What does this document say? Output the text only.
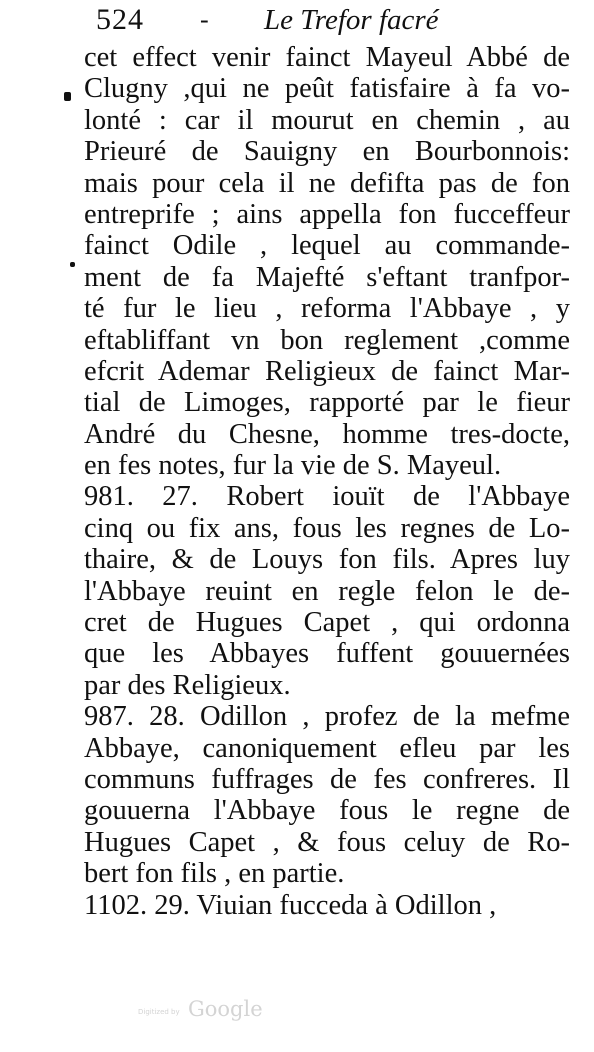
524 - Le Trefor facré
cet effect venir fainct Mayeul Abbé de
Clugny ,qui ne peût fatisfaire à fa vo-
lonté : car il mourut en chemin , au
Prieuré de Sauigny en Bourbonnois:
mais pour cela il ne defifta pas de fon
entreprife ; ains appella fon fucceffeur
fainct Odile , lequel au commande-
ment de fa Majefté s'eftant tranfpor-
té fur le lieu , reforma l'Abbaye , y
eftabliffant vn bon reglement ,comme
efcrit Ademar Religieux de fainct Mar-
tial de Limoges, rapporté par le fieur
André du Chesne, homme tres-docte,
en fes notes, fur la vie de S. Mayeul.
981. 27. Robert iouït de l'Abbaye
cinq ou fix ans, fous les regnes de Lo-
thaire, & de Louys fon fils. Apres luy
l'Abbaye reuint en regle felon le de-
cret de Hugues Capet , qui ordonna
que les Abbayes fuffent gouuernées
par des Religieux.
987. 28. Odillon , profez de la mefme
Abbaye, canoniquement efleu par les
communs fuffrages de fes confreres. Il
gouuerna l'Abbaye fous le regne de
Hugues Capet , & fous celuy de Ro-
bert fon fils , en partie.
1102. 29. Viuian fucceda à Odillon ,
Digitized by Google
